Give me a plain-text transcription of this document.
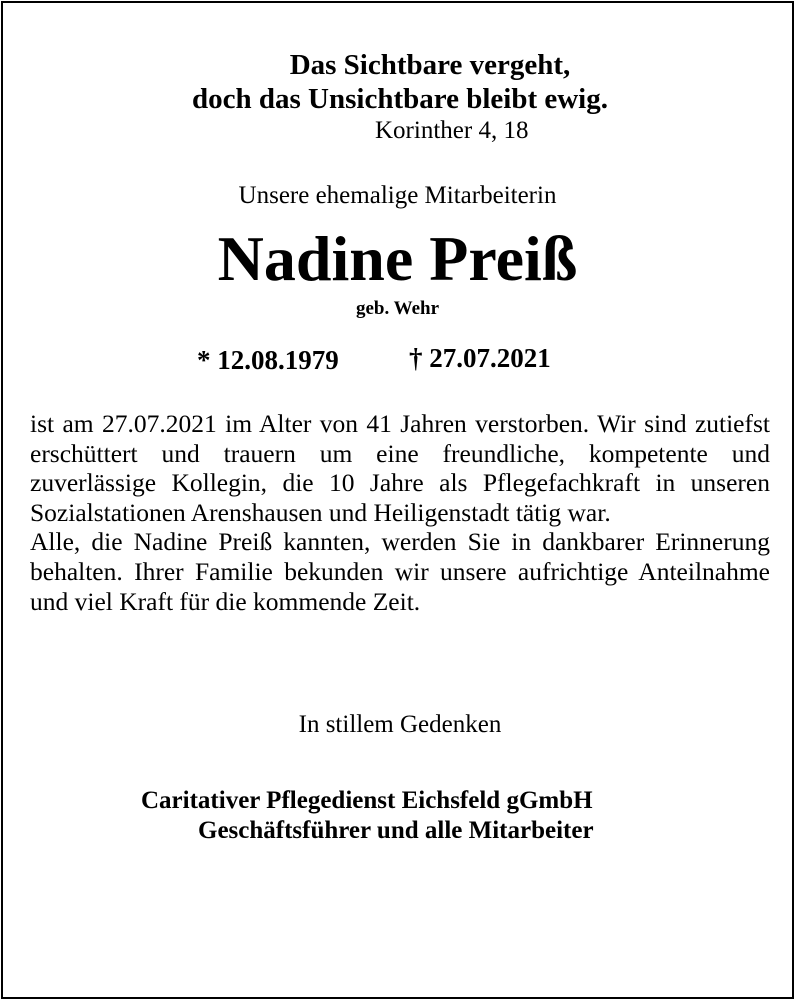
Das Sichtbare vergeht,
doch das Unsichtbare bleibt ewig.
Korinther 4, 18
Unsere ehemalige Mitarbeiterin
Nadine Preiß
geb. Wehr
* 12.08.1979	† 27.07.2021

ist am 27.07.2021 im Alter von 41 Jahren verstorben. Wir sind zutiefst erschüttert und trauern um eine freundliche, kompetente und zuverlässige Kollegin, die 10 Jahre als Pflegefachkraft in unseren Sozialstationen Arenshausen und Heiligenstadt tätig war.

Alle, die Nadine Preiß kannten, werden Sie in dankbarer Erinnerung behalten. Ihrer Familie bekunden wir unsere aufrichtige Anteilnahme und viel Kraft für die kommende Zeit.

In stillem Gedenken
Caritativer Pflegedienst Eichsfeld gGmbH
Geschäftsführer und alle Mitarbeiter
